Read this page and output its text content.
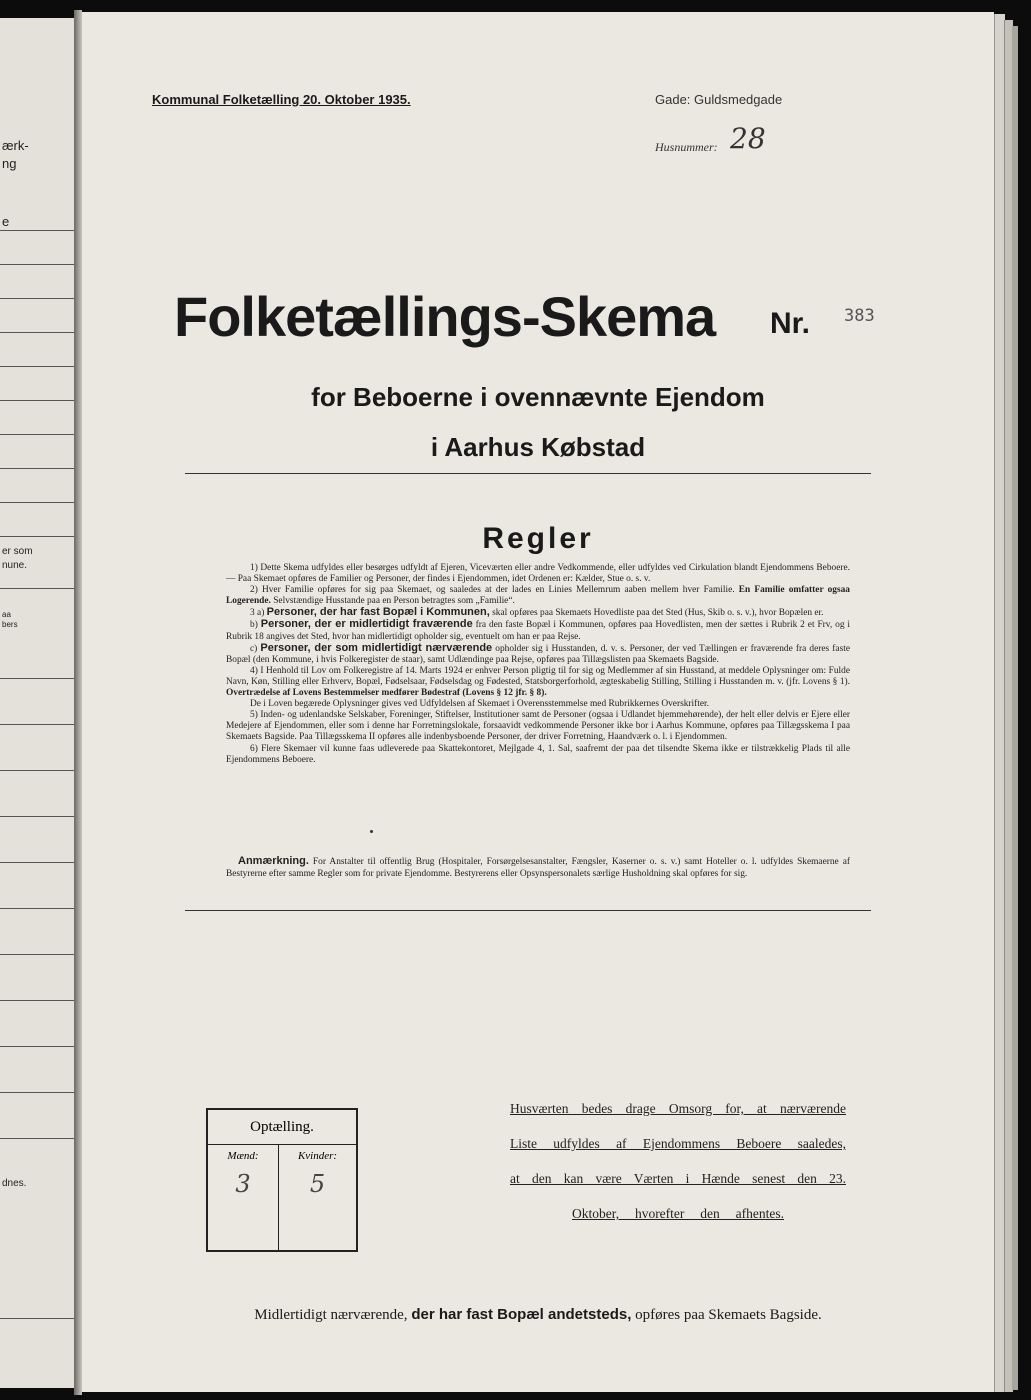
ærk-
ng
e
er som
nune.
aa
bers
dnes.
Kommunal Folketælling 20. Oktober 1935.	Gade: Guldsmedgade
Husnummer: 28
Folketællings-Skema Nr. 383
for Beboerne i ovennævnte Ejendom
i Aarhus Købstad
Regler

1) Dette Skema udfyldes eller besørges udfyldt af Ejeren, Viceværten eller andre Vedkommende, eller udfyldes ved Cirkulation blandt Ejendommens Beboere. — Paa Skemaet opføres de Familier og Personer, der findes i Ejendommen, idet Ordenen er: Kælder, Stue o. s. v.

2) Hver Familie opføres for sig paa Skemaet, og saaledes at der lades en Linies Mellemrum aaben mellem hver Familie. En Familie omfatter ogsaa Logerende. Selvstændige Husstande paa en Person betragtes som „Familie“.

3 a) Personer, der har fast Bopæl i Kommunen, skal opføres paa Skemaets Hovedliste paa det Sted (Hus, Skib o. s. v.), hvor Bopælen er.

b) Personer, der er midlertidigt fraværende fra den faste Bopæl i Kommunen, opføres paa Hovedlisten, men der sættes i Rubrik 2 et Frv, og i Rubrik 18 angives det Sted, hvor han midlertidigt opholder sig, eventuelt om han er paa Rejse.

c) Personer, der som midlertidigt nærværende opholder sig i Husstanden, d. v. s. Personer, der ved Tællingen er fraværende fra deres faste Bopæl (den Kommune, i hvis Folkeregister de staar), samt Udlændinge paa Rejse, opføres paa Tillægslisten paa Skemaets Bagside.

4) I Henhold til Lov om Folkeregistre af 14. Marts 1924 er enhver Person pligtig til for sig og Medlemmer af sin Husstand, at meddele Oplysninger om: Fulde Navn, Køn, Stilling eller Erhverv, Bopæl, Fødselsaar, Fødselsdag og Fødested, Statsborgerforhold, ægteskabelig Stilling, Stilling i Husstanden m. v. (jfr. Lovens § 1). Overtrædelse af Lovens Bestemmelser medfører Bødestraf (Lovens § 12 jfr. § 8).

De i Loven begærede Oplysninger gives ved Udfyldelsen af Skemaet i Overensstemmelse med Rubrikkernes Overskrifter.

5) Inden- og udenlandske Selskaber, Foreninger, Stiftelser, Institutioner samt de Personer (ogsaa i Udlandet hjemmehørende), der helt eller delvis er Ejere eller Medejere af Ejendommen, eller som i denne har Forretningslokale, forsaavidt vedkommende Personer ikke bor i Aarhus Kommune, opføres paa Tillægsskema I paa Skemaets Bagside. Paa Tillægsskema II opføres alle indenbysboende Personer, der driver Forretning, Haandværk o. l. i Ejendommen.

6) Flere Skemaer vil kunne faas udleverede paa Skattekontoret, Mejlgade 4, 1. Sal, saafremt der paa det tilsendte Skema ikke er tilstrækkelig Plads til alle Ejendommens Beboere.

Anmærkning. For Anstalter til offentlig Brug (Hospitaler, Forsørgelsesanstalter, Fængsler, Kaserner o. s. v.) samt Hoteller o. l. udfyldes Skemaerne af Bestyrerne efter samme Regler som for private Ejendomme. Bestyrerens eller Opsynspersonalets særlige Husholdning skal opføres for sig.
Optælling.
Mænd:	Kvinder:
3	5
Husværten bedes drage Omsorg for, at nærværende
Liste udfyldes af Ejendommens Beboere saaledes,
at den kan være Værten i Hænde senest den 23.
Oktober, hvorefter den afhentes.
Midlertidigt nærværende, der har fast Bopæl andetsteds, opføres paa Skemaets Bagside.
